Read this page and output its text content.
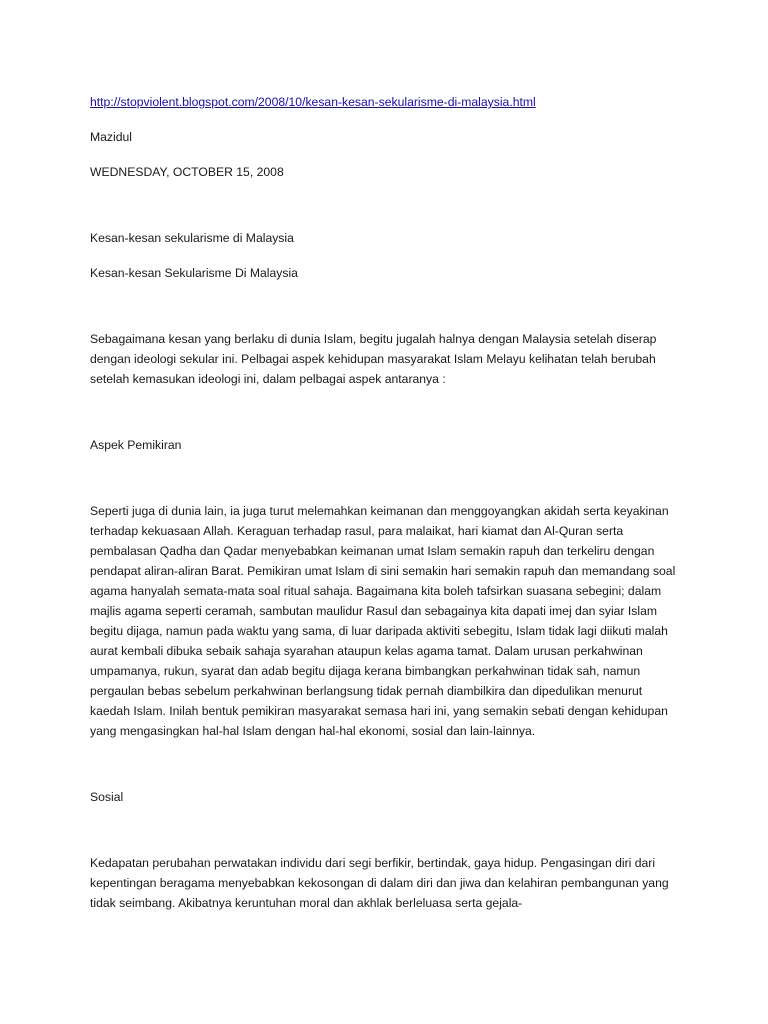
http://stopviolent.blogspot.com/2008/10/kesan-kesan-sekularisme-di-malaysia.html

Mazidul

WEDNESDAY, OCTOBER 15, 2008

Kesan-kesan sekularisme di Malaysia

Kesan-kesan Sekularisme Di Malaysia

Sebagaimana kesan yang berlaku di dunia Islam, begitu jugalah halnya dengan Malaysia setelah diserap dengan ideologi sekular ini. Pelbagai aspek kehidupan masyarakat Islam Melayu kelihatan telah berubah setelah kemasukan ideologi ini, dalam pelbagai aspek antaranya :

Aspek Pemikiran

Seperti juga di dunia lain, ia juga turut melemahkan keimanan dan menggoyangkan akidah serta keyakinan terhadap kekuasaan Allah. Keraguan terhadap rasul, para malaikat, hari kiamat dan Al-Quran serta pembalasan Qadha dan Qadar menyebabkan keimanan umat Islam semakin rapuh dan terkeliru dengan pendapat aliran-aliran Barat. Pemikiran umat Islam di sini semakin hari semakin rapuh dan memandang soal agama hanyalah semata-mata soal ritual sahaja. Bagaimana kita boleh tafsirkan suasana sebegini; dalam majlis agama seperti ceramah, sambutan maulidur Rasul dan sebagainya kita dapati imej dan syiar Islam begitu dijaga, namun pada waktu yang sama, di luar daripada aktiviti sebegitu, Islam tidak lagi diikuti malah aurat kembali dibuka sebaik sahaja syarahan ataupun kelas agama tamat. Dalam urusan perkahwinan umpamanya, rukun, syarat dan adab begitu dijaga kerana bimbangkan perkahwinan tidak sah, namun pergaulan bebas sebelum perkahwinan berlangsung tidak pernah diambilkira dan dipedulikan menurut kaedah Islam. Inilah bentuk pemikiran masyarakat semasa hari ini, yang semakin sebati dengan kehidupan yang mengasingkan hal-hal Islam dengan hal-hal ekonomi, sosial dan lain-lainnya.

Sosial

Kedapatan perubahan perwatakan individu dari segi berfikir, bertindak, gaya hidup. Pengasingan diri dari kepentingan beragama menyebabkan kekosongan di dalam diri dan jiwa dan kelahiran pembangunan yang tidak seimbang. Akibatnya keruntuhan moral dan akhlak berleluasa serta gejala-
